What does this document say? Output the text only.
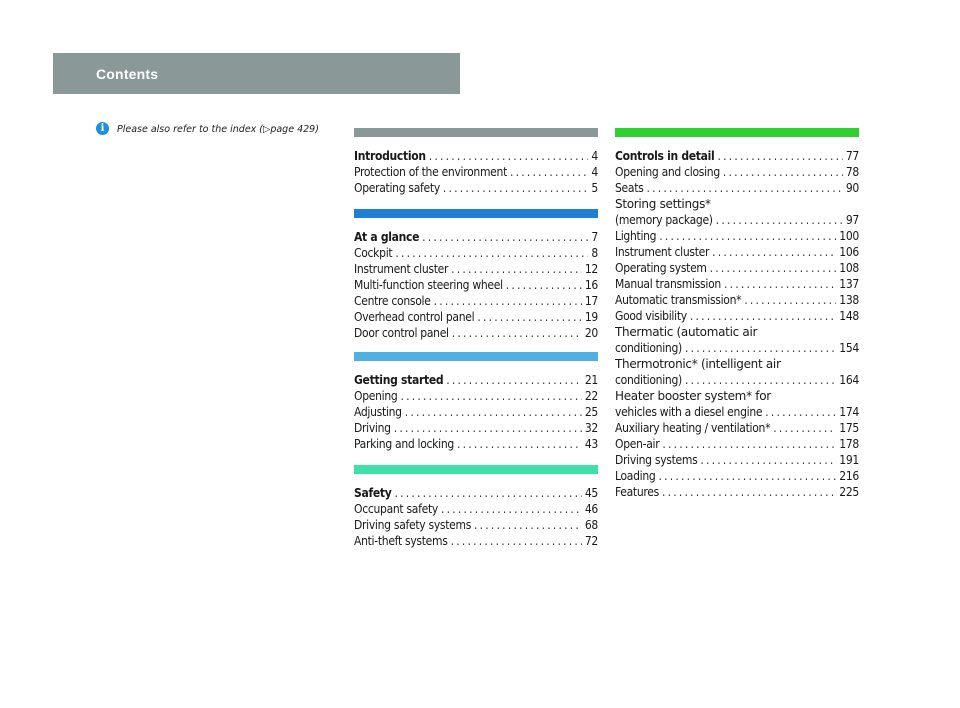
Contents
i	Please also refer to the index ( ▷ page 429)
Introduction .....	4
Protection of the environment .....	4
Operating safety .....	5
At a glance .....	7
Cockpit .....	8
Instrument cluster .....	12
Multi-function steering wheel .....	16
Centre console .....	17
Overhead control panel .....	19
Door control panel .....	20
Getting started .....	21
Opening .....	22
Adjusting .....	25
Driving .....	32
Parking and locking .....	43
Safety .....	45
Occupant safety .....	46
Driving safety systems .....	68
Anti-theft systems .....	72
Controls in detail .....	77
Opening and closing .....	78
Seats .....	90
Storing settings*
(memory package) .....	97
Lighting .....	100
Instrument cluster .....	106
Operating system .....	108
Manual transmission .....	137
Automatic transmission* .....	138
Good visibility .....	148
Thermatic (automatic air
conditioning) .....	154
Thermotronic* (intelligent air
conditioning) .....	164
Heater booster system* for
vehicles with a diesel engine .....	174
Auxiliary heating / ventilation* .....	175
Open-air .....	178
Driving systems .....	191
Loading .....	216
Features .....	225
